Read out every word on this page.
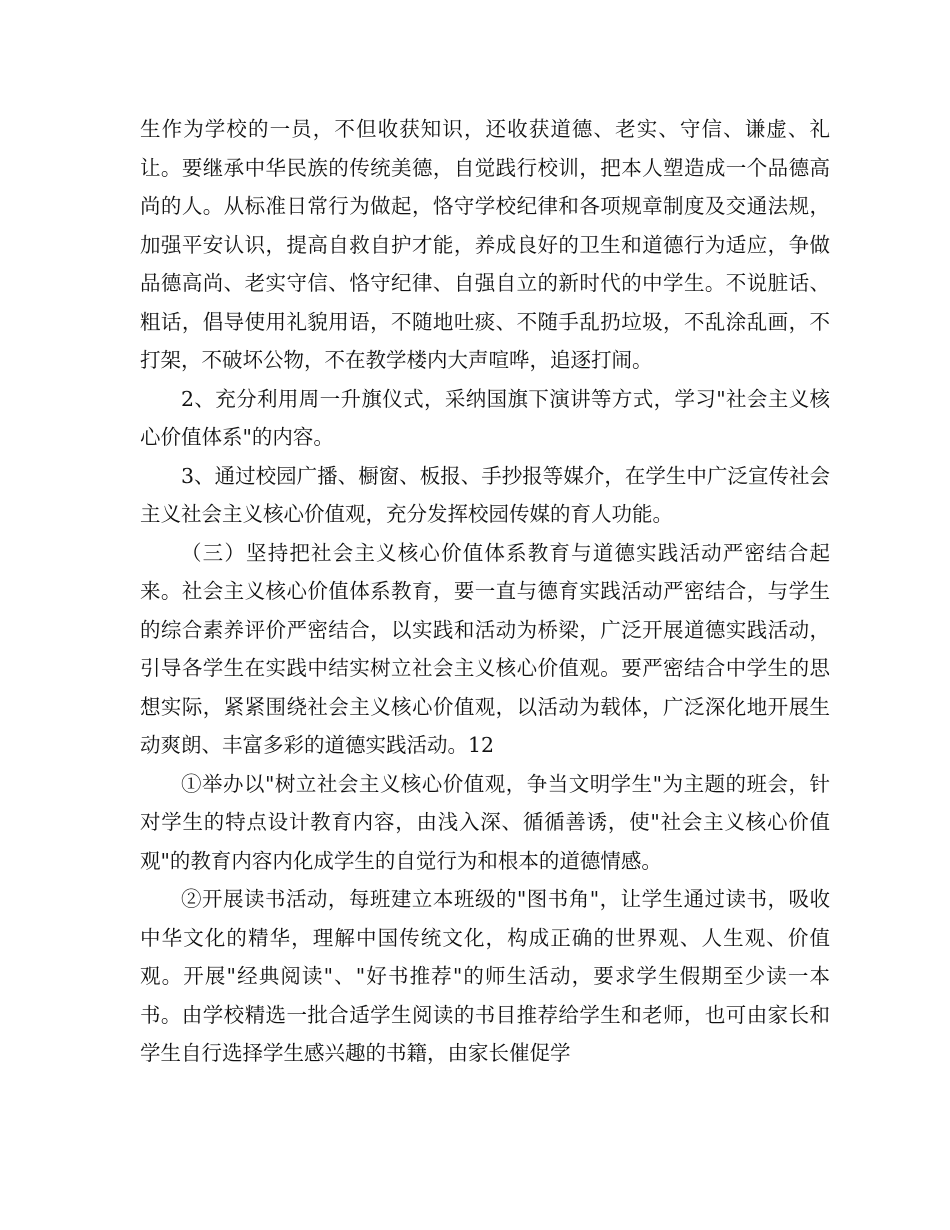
生作为学校的一员，不但收获知识，还收获道德、老实、守信、谦虚、礼让。要继承中华民族的传统美德，自觉践行校训，把本人塑造成一个品德高尚的人。从标准日常行为做起，恪守学校纪律和各项规章制度及交通法规，加强平安认识，提高自救自护才能，养成良好的卫生和道德行为适应，争做品德高尚、老实守信、恪守纪律、自强自立的新时代的中学生。不说脏话、粗话，倡导使用礼貌用语，不随地吐痰、不随手乱扔垃圾，不乱涂乱画，不打架，不破坏公物，不在教学楼内大声喧哗，追逐打闹。

2、充分利用周一升旗仪式，采纳国旗下演讲等方式，学习"社会主义核心价值体系"的内容。

3、通过校园广播、橱窗、板报、手抄报等媒介，在学生中广泛宣传社会主义社会主义核心价值观，充分发挥校园传媒的育人功能。

（三）坚持把社会主义核心价值体系教育与道德实践活动严密结合起来。社会主义核心价值体系教育，要一直与德育实践活动严密结合，与学生的综合素养评价严密结合，以实践和活动为桥梁，广泛开展道德实践活动，引导各学生在实践中结实树立社会主义核心价值观。要严密结合中学生的思想实际，紧紧围绕社会主义核心价值观，以活动为载体，广泛深化地开展生动爽朗、丰富多彩的道德实践活动。12

①举办以"树立社会主义核心价值观，争当文明学生"为主题的班会，针对学生的特点设计教育内容，由浅入深、循循善诱，使"社会主义核心价值观"的教育内容内化成学生的自觉行为和根本的道德情感。

②开展读书活动，每班建立本班级的"图书角"，让学生通过读书，吸收中华文化的精华，理解中国传统文化，构成正确的世界观、人生观、价值观。开展"经典阅读"、"好书推荐"的师生活动，要求学生假期至少读一本书。由学校精选一批合适学生阅读的书目推荐给学生和老师，也可由家长和学生自行选择学生感兴趣的书籍，由家长催促学
